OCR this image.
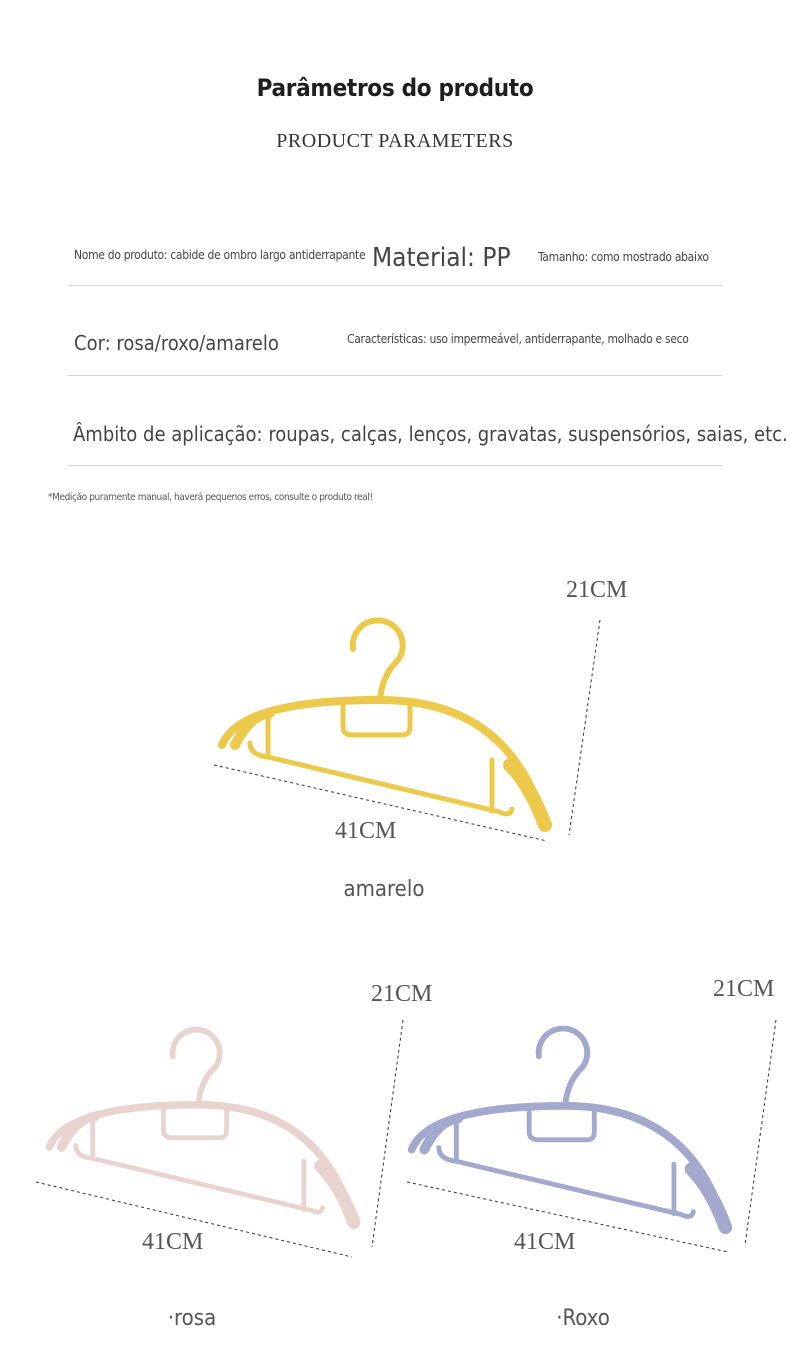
Parâmetros do produto
PRODUCT PARAMETERS
Nome do produto: cabide de ombro largo antiderrapante Material: PP Tamanho: como mostrado abaixo
Cor: rosa/roxo/amarelo	Características: uso impermeável, antiderrapante, molhado e seco
Âmbito de aplicação: roupas, calças, lenços, gravatas, suspensórios, saias, etc.
*Medição puramente manual, haverá pequenos erros, consulte o produto real!
21CM
41CM
amarelo
21CM
41CM
·rosa
21CM
41CM
·Roxo
